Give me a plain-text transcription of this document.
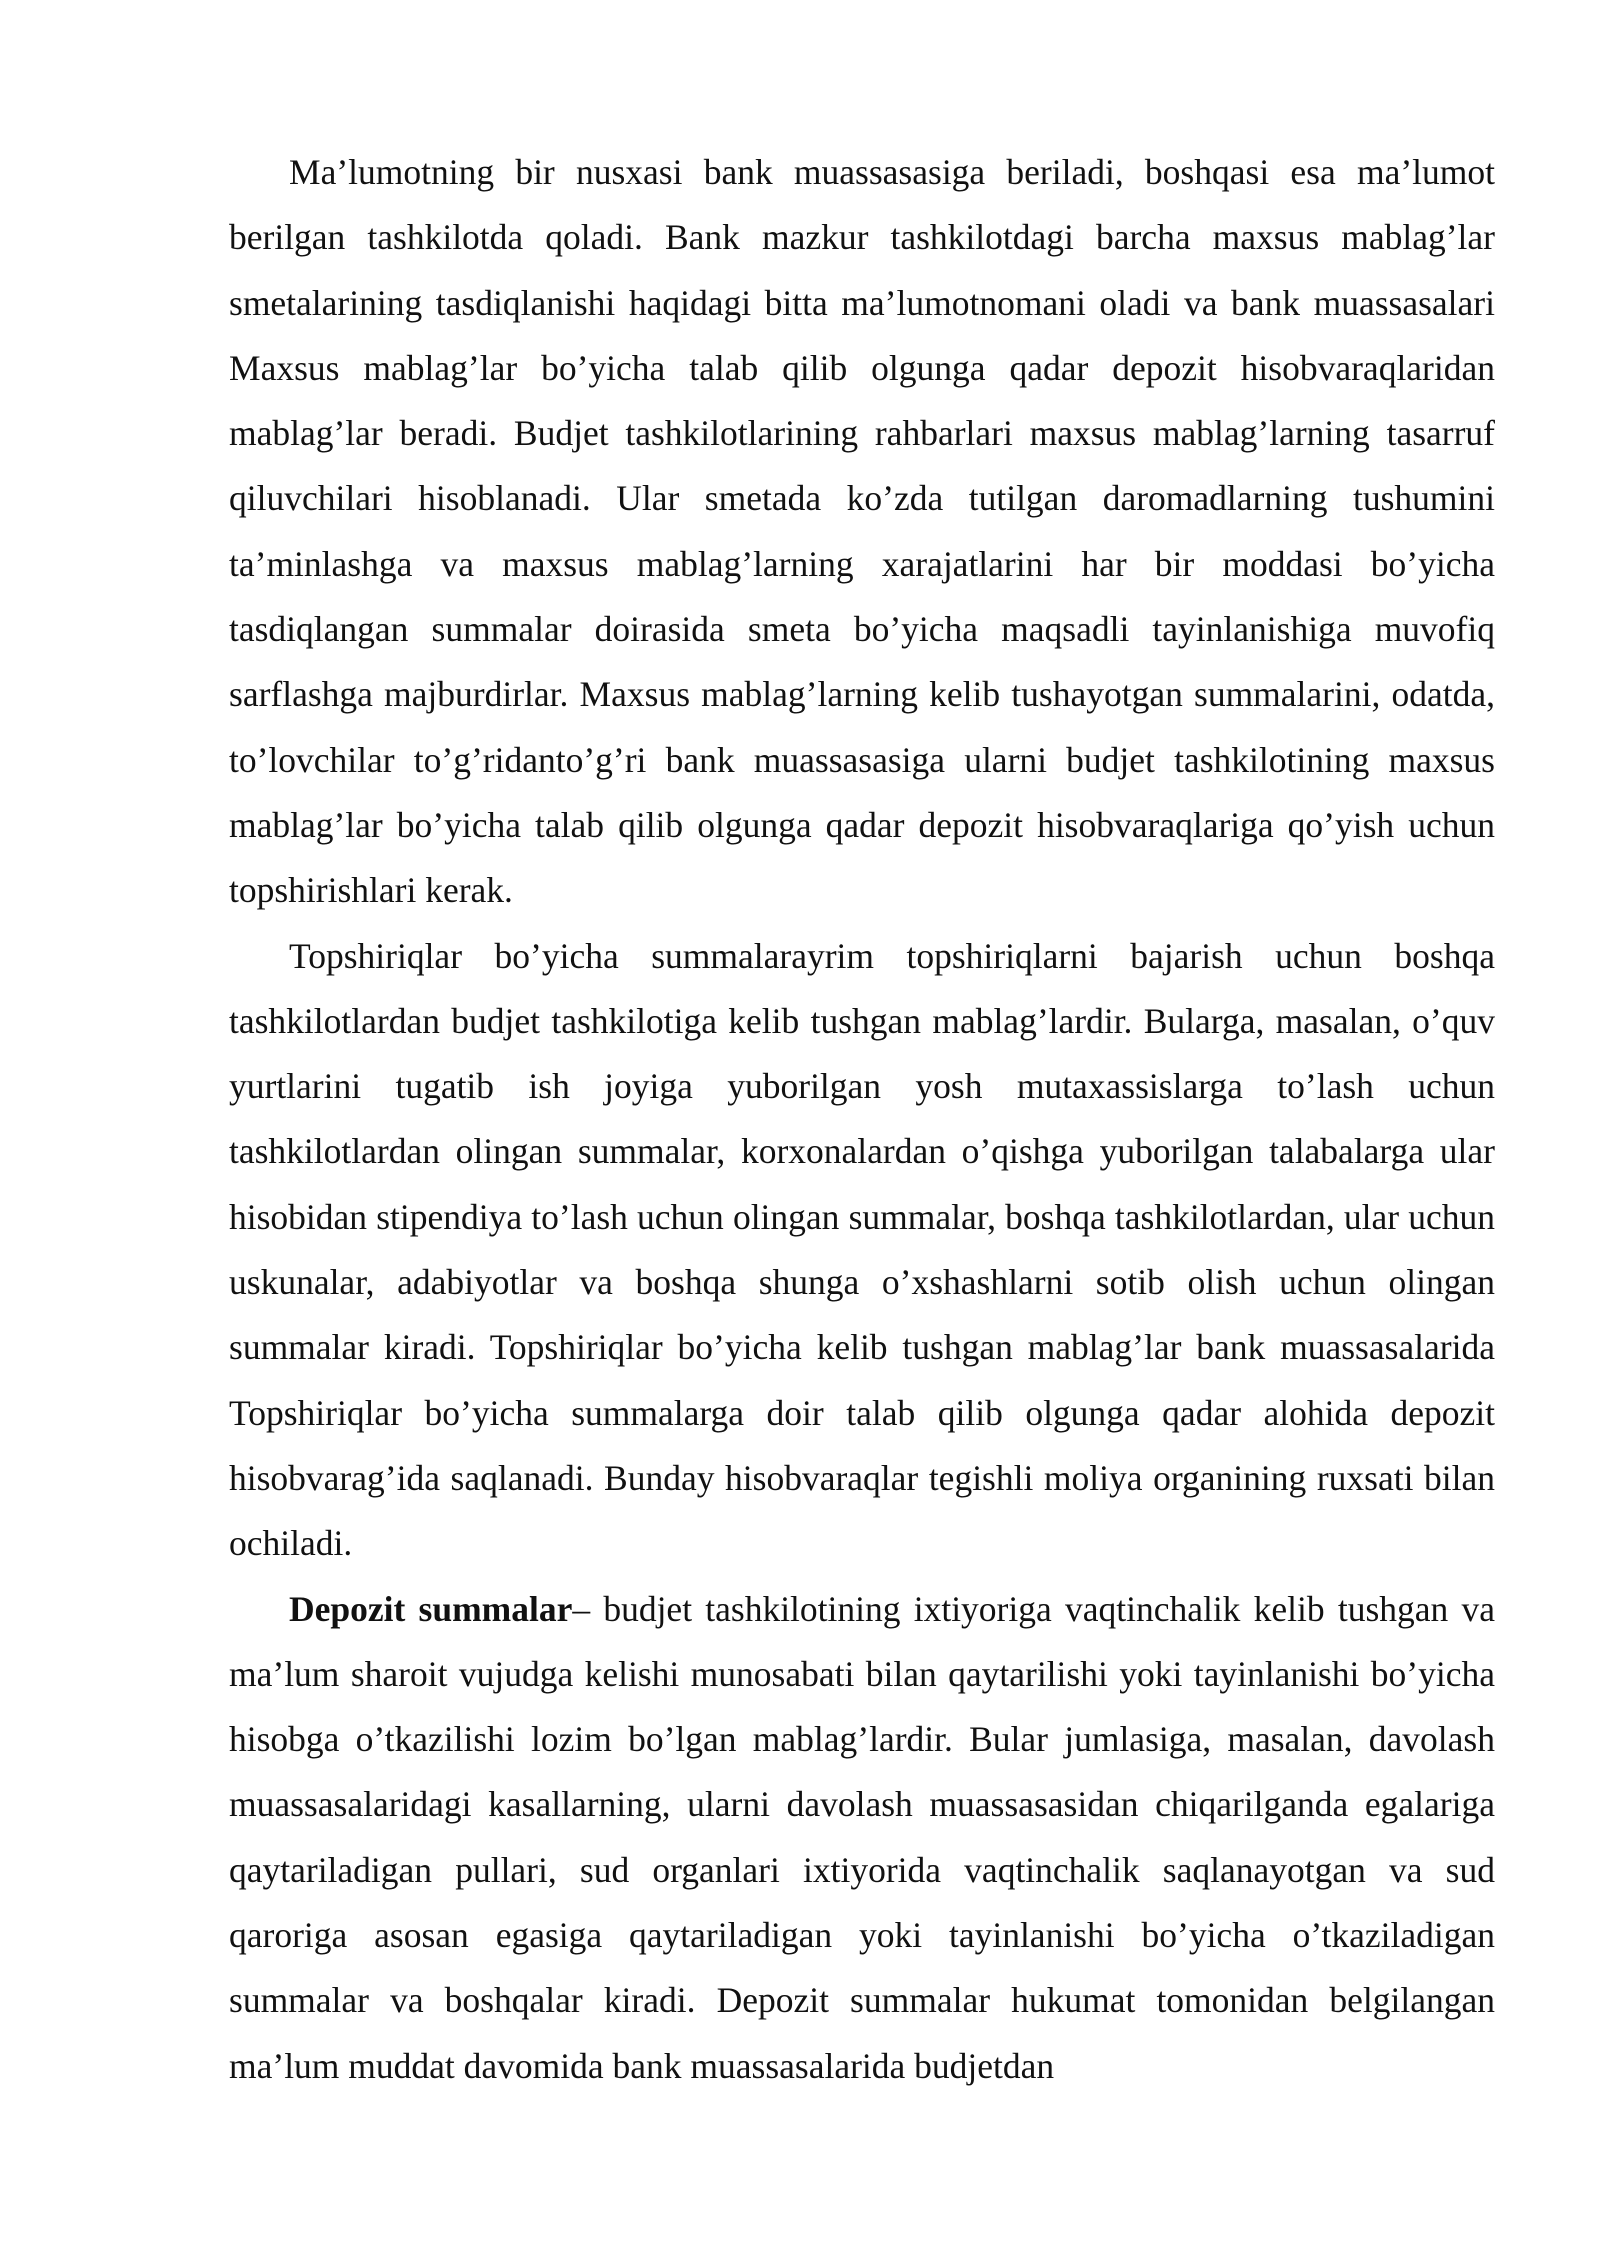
Ma’lumotning bir nusxasi bank muassasasiga beriladi, boshqasi esa ma’lumot berilgan tashkilotda qoladi. Bank mazkur tashkilotdagi barcha maxsus mablag’lar smetalarining tasdiqlanishi haqidagi bitta ma’lumotnomani oladi va bank muassasalari Maxsus mablag’lar bo’yicha talab qilib olgunga qadar depozit hisobvaraqlaridan mablag’lar beradi. Budjet tashkilotlarining rahbarlari maxsus mablag’larning tasarruf qiluvchilari hisoblanadi. Ular smetada ko’zda tutilgan daromadlarning tushumini ta’minlashga va maxsus mablag’larning xarajatlarini har bir moddasi bo’yicha tasdiqlangan summalar doirasida smeta bo’yicha maqsadli tayinlanishiga muvofiq sarflashga majburdirlar. Maxsus mablag’larning kelib tushayotgan summalarini, odatda, to’lovchilar to’g’ridanto’g’ri bank muassasasiga ularni budjet tashkilotining maxsus mablag’lar bo’yicha talab qilib olgunga qadar depozit hisobvaraqlariga qo’yish uchun topshirishlari kerak.

Topshiriqlar bo’yicha summalarayrim topshiriqlarni bajarish uchun boshqa tashkilotlardan budjet tashkilotiga kelib tushgan mablag’lardir. Bularga, masalan, o’quv yurtlarini tugatib ish joyiga yuborilgan yosh mutaxassislarga to’lash uchun tashkilotlardan olingan summalar, korxonalardan o’qishga yuborilgan talabalarga ular hisobidan stipendiya to’lash uchun olingan summalar, boshqa tashkilotlardan, ular uchun uskunalar, adabiyotlar va boshqa shunga o’xshashlarni sotib olish uchun olingan summalar kiradi. Topshiriqlar bo’yicha kelib tushgan mablag’lar bank muassasalarida Topshiriqlar bo’yicha summalarga doir talab qilib olgunga qadar alohida depozit hisobvarag’ida saqlanadi. Bunday hisobvaraqlar tegishli moliya organining ruxsati bilan ochiladi.

Depozit summalar– budjet tashkilotining ixtiyoriga vaqtinchalik kelib tushgan va ma’lum sharoit vujudga kelishi munosabati bilan qaytarilishi yoki tayinlanishi bo’yicha hisobga o’tkazilishi lozim bo’lgan mablag’lardir. Bular jumlasiga, masalan, davolash muassasalaridagi kasallarning, ularni davolash muassasasidan chiqarilganda egalariga qaytariladigan pullari, sud organlari ixtiyorida vaqtinchalik saqlanayotgan va sud qaroriga asosan egasiga qaytariladigan yoki tayinlanishi bo’yicha o’tkaziladigan summalar va boshqalar kiradi. Depozit summalar hukumat tomonidan belgilangan ma’lum muddat davomida bank muassasalarida budjetdan
